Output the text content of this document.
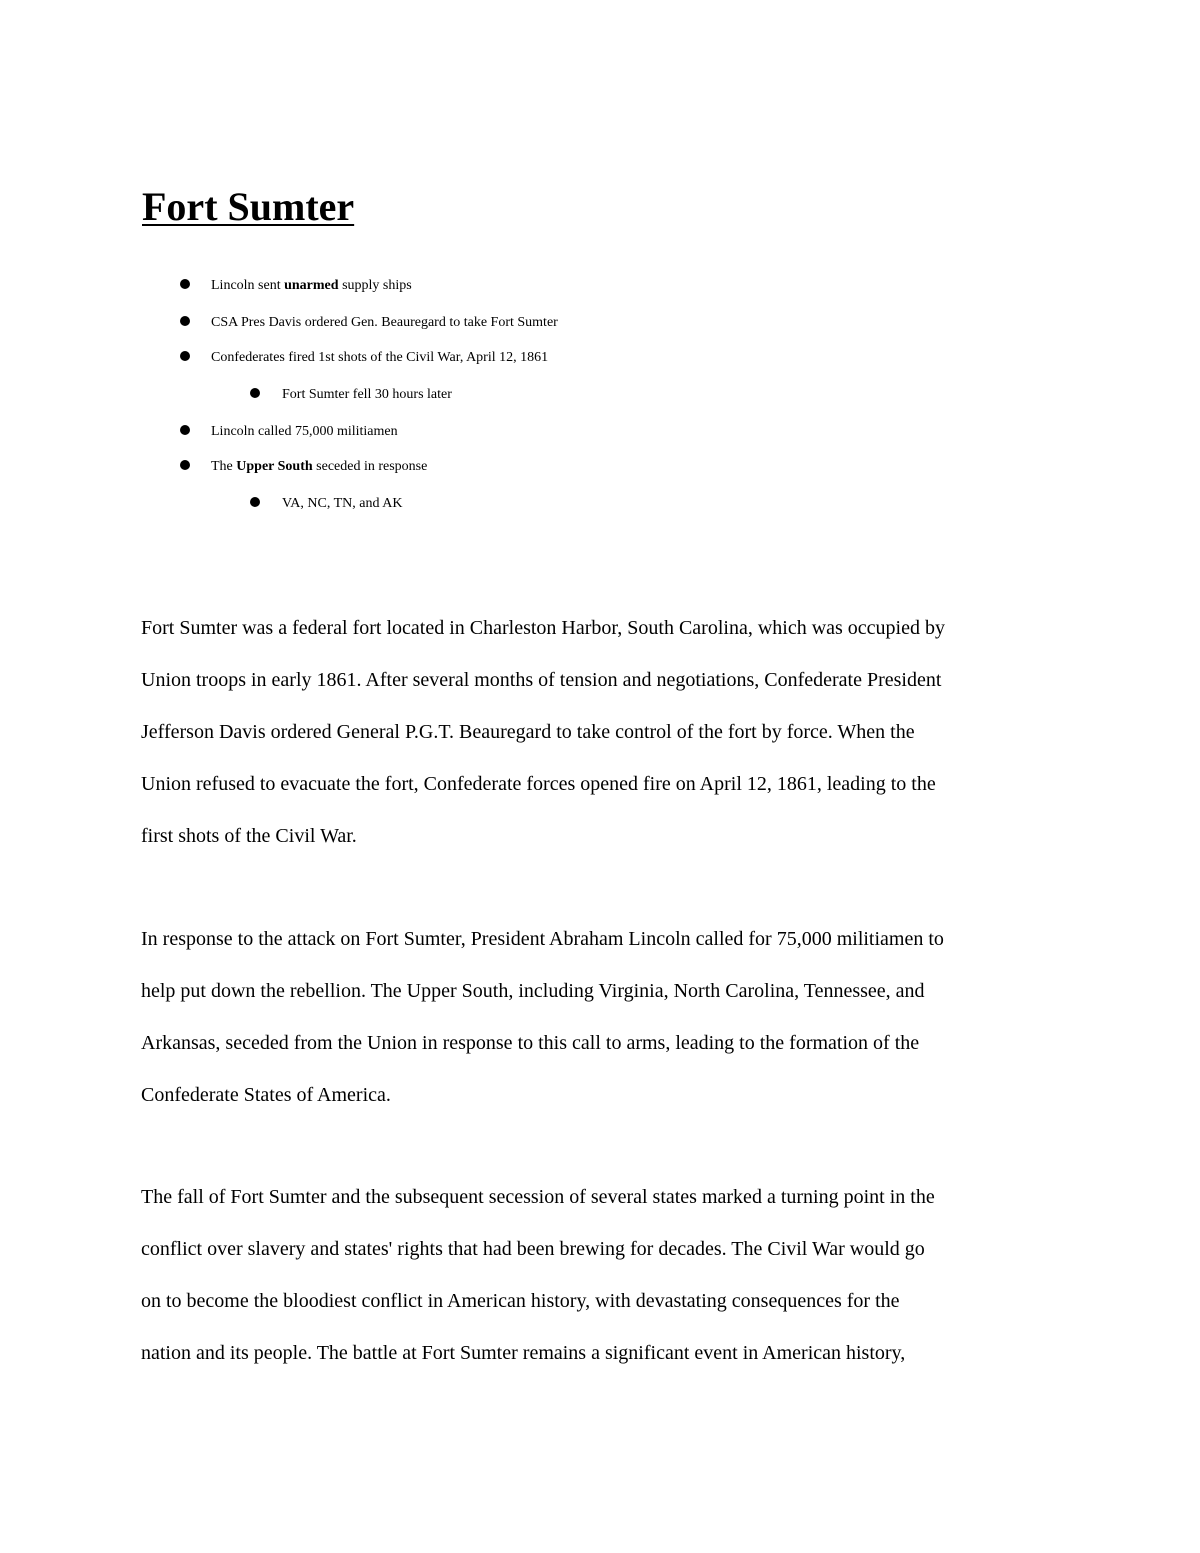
Fort Sumter
Lincoln sent unarmed supply ships
CSA Pres Davis ordered Gen. Beauregard to take Fort Sumter
Confederates fired 1st shots of the Civil War, April 12, 1861
Fort Sumter fell 30 hours later
Lincoln called 75,000 militiamen
The Upper South seceded in response
VA, NC, TN, and AK
Fort Sumter was a federal fort located in Charleston Harbor, South Carolina, which was occupied by
Union troops in early 1861. After several months of tension and negotiations, Confederate President
Jefferson Davis ordered General P.G.T. Beauregard to take control of the fort by force. When the
Union refused to evacuate the fort, Confederate forces opened fire on April 12, 1861, leading to the
first shots of the Civil War.
In response to the attack on Fort Sumter, President Abraham Lincoln called for 75,000 militiamen to
help put down the rebellion. The Upper South, including Virginia, North Carolina, Tennessee, and
Arkansas, seceded from the Union in response to this call to arms, leading to the formation of the
Confederate States of America.
The fall of Fort Sumter and the subsequent secession of several states marked a turning point in the
conflict over slavery and states' rights that had been brewing for decades. The Civil War would go
on to become the bloodiest conflict in American history, with devastating consequences for the
nation and its people. The battle at Fort Sumter remains a significant event in American history,
